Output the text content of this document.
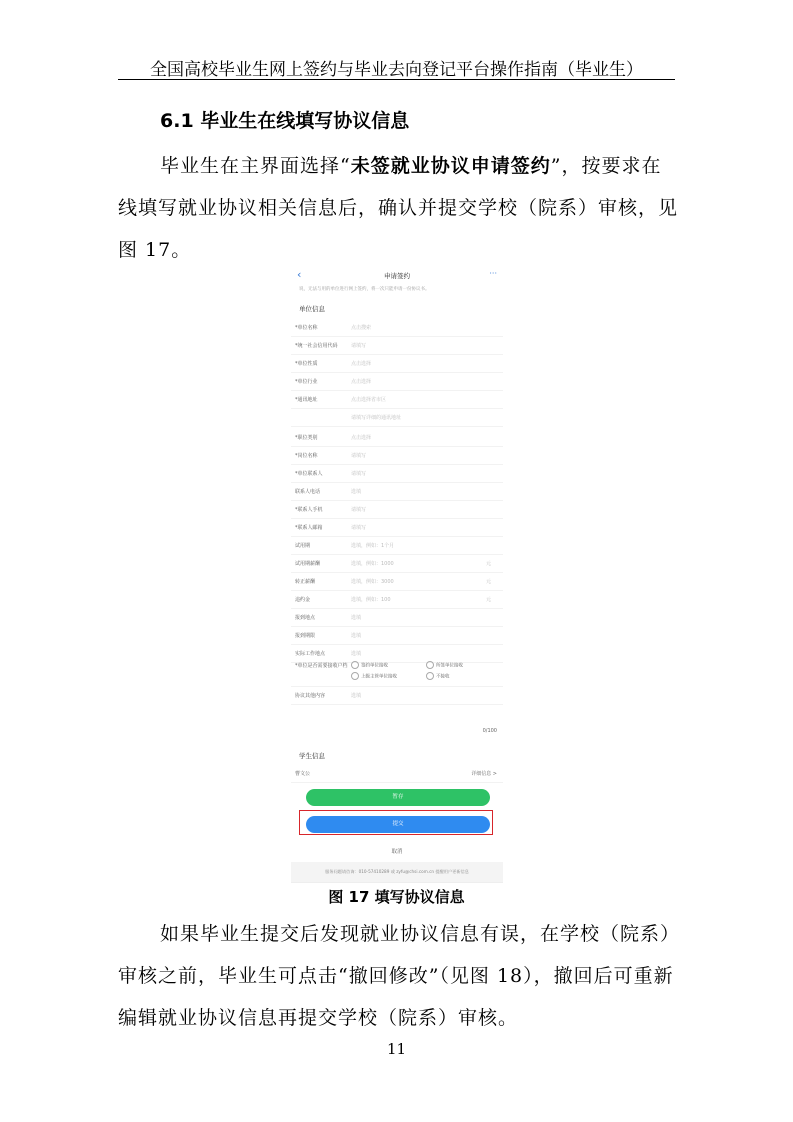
全国高校毕业生网上签约与毕业去向登记平台操作指南（毕业生）
6.1 毕业生在线填写协议信息
毕业生在主界面选择“未签就业协议申请签约”，按要求在线填写就业协议相关信息后，确认并提交学校（院系）审核，见图 17。
‹	申请签约	···
说，无法与用的单位进行网上签约，将一次只能申请一份协议书。
单位信息
*单位名称	点击搜索
*统一社会信用代码	请填写
*单位性质	点击选择
*单位行业	点击选择
*通讯地址	点击选择省市区
请填写详细的通讯地址
*职位类别	点击选择
*岗位名称	请填写
*单位联系人	请填写
联系人电话	选填
*联系人手机	请填写
*联系人邮箱	请填写
试用期	选填，例如：1个月
试用期薪酬	选填，例如：1000	元
转正薪酬	选填，例如：3000	元
违约金	选填，例如：100	元
报到地点	选填
报到期限	选填
实际工作地点	选填
*单位是否需要接收户档	签约单位接收	所签单位接收
上级主管单位接收	不接收
协议其他内容	选填
0/100
学生信息
曹文公	详细信息 >
暂存
提交
取消
服务问题请咨询：010-57410289 或 zyfu@chsi.com.cn 提醒用户更新信息
图 17 填写协议信息
如果毕业生提交后发现就业协议信息有误，在学校（院系）审核之前，毕业生可点击“撤回修改”（见图 18），撤回后可重新编辑就业协议信息再提交学校（院系）审核。
11
